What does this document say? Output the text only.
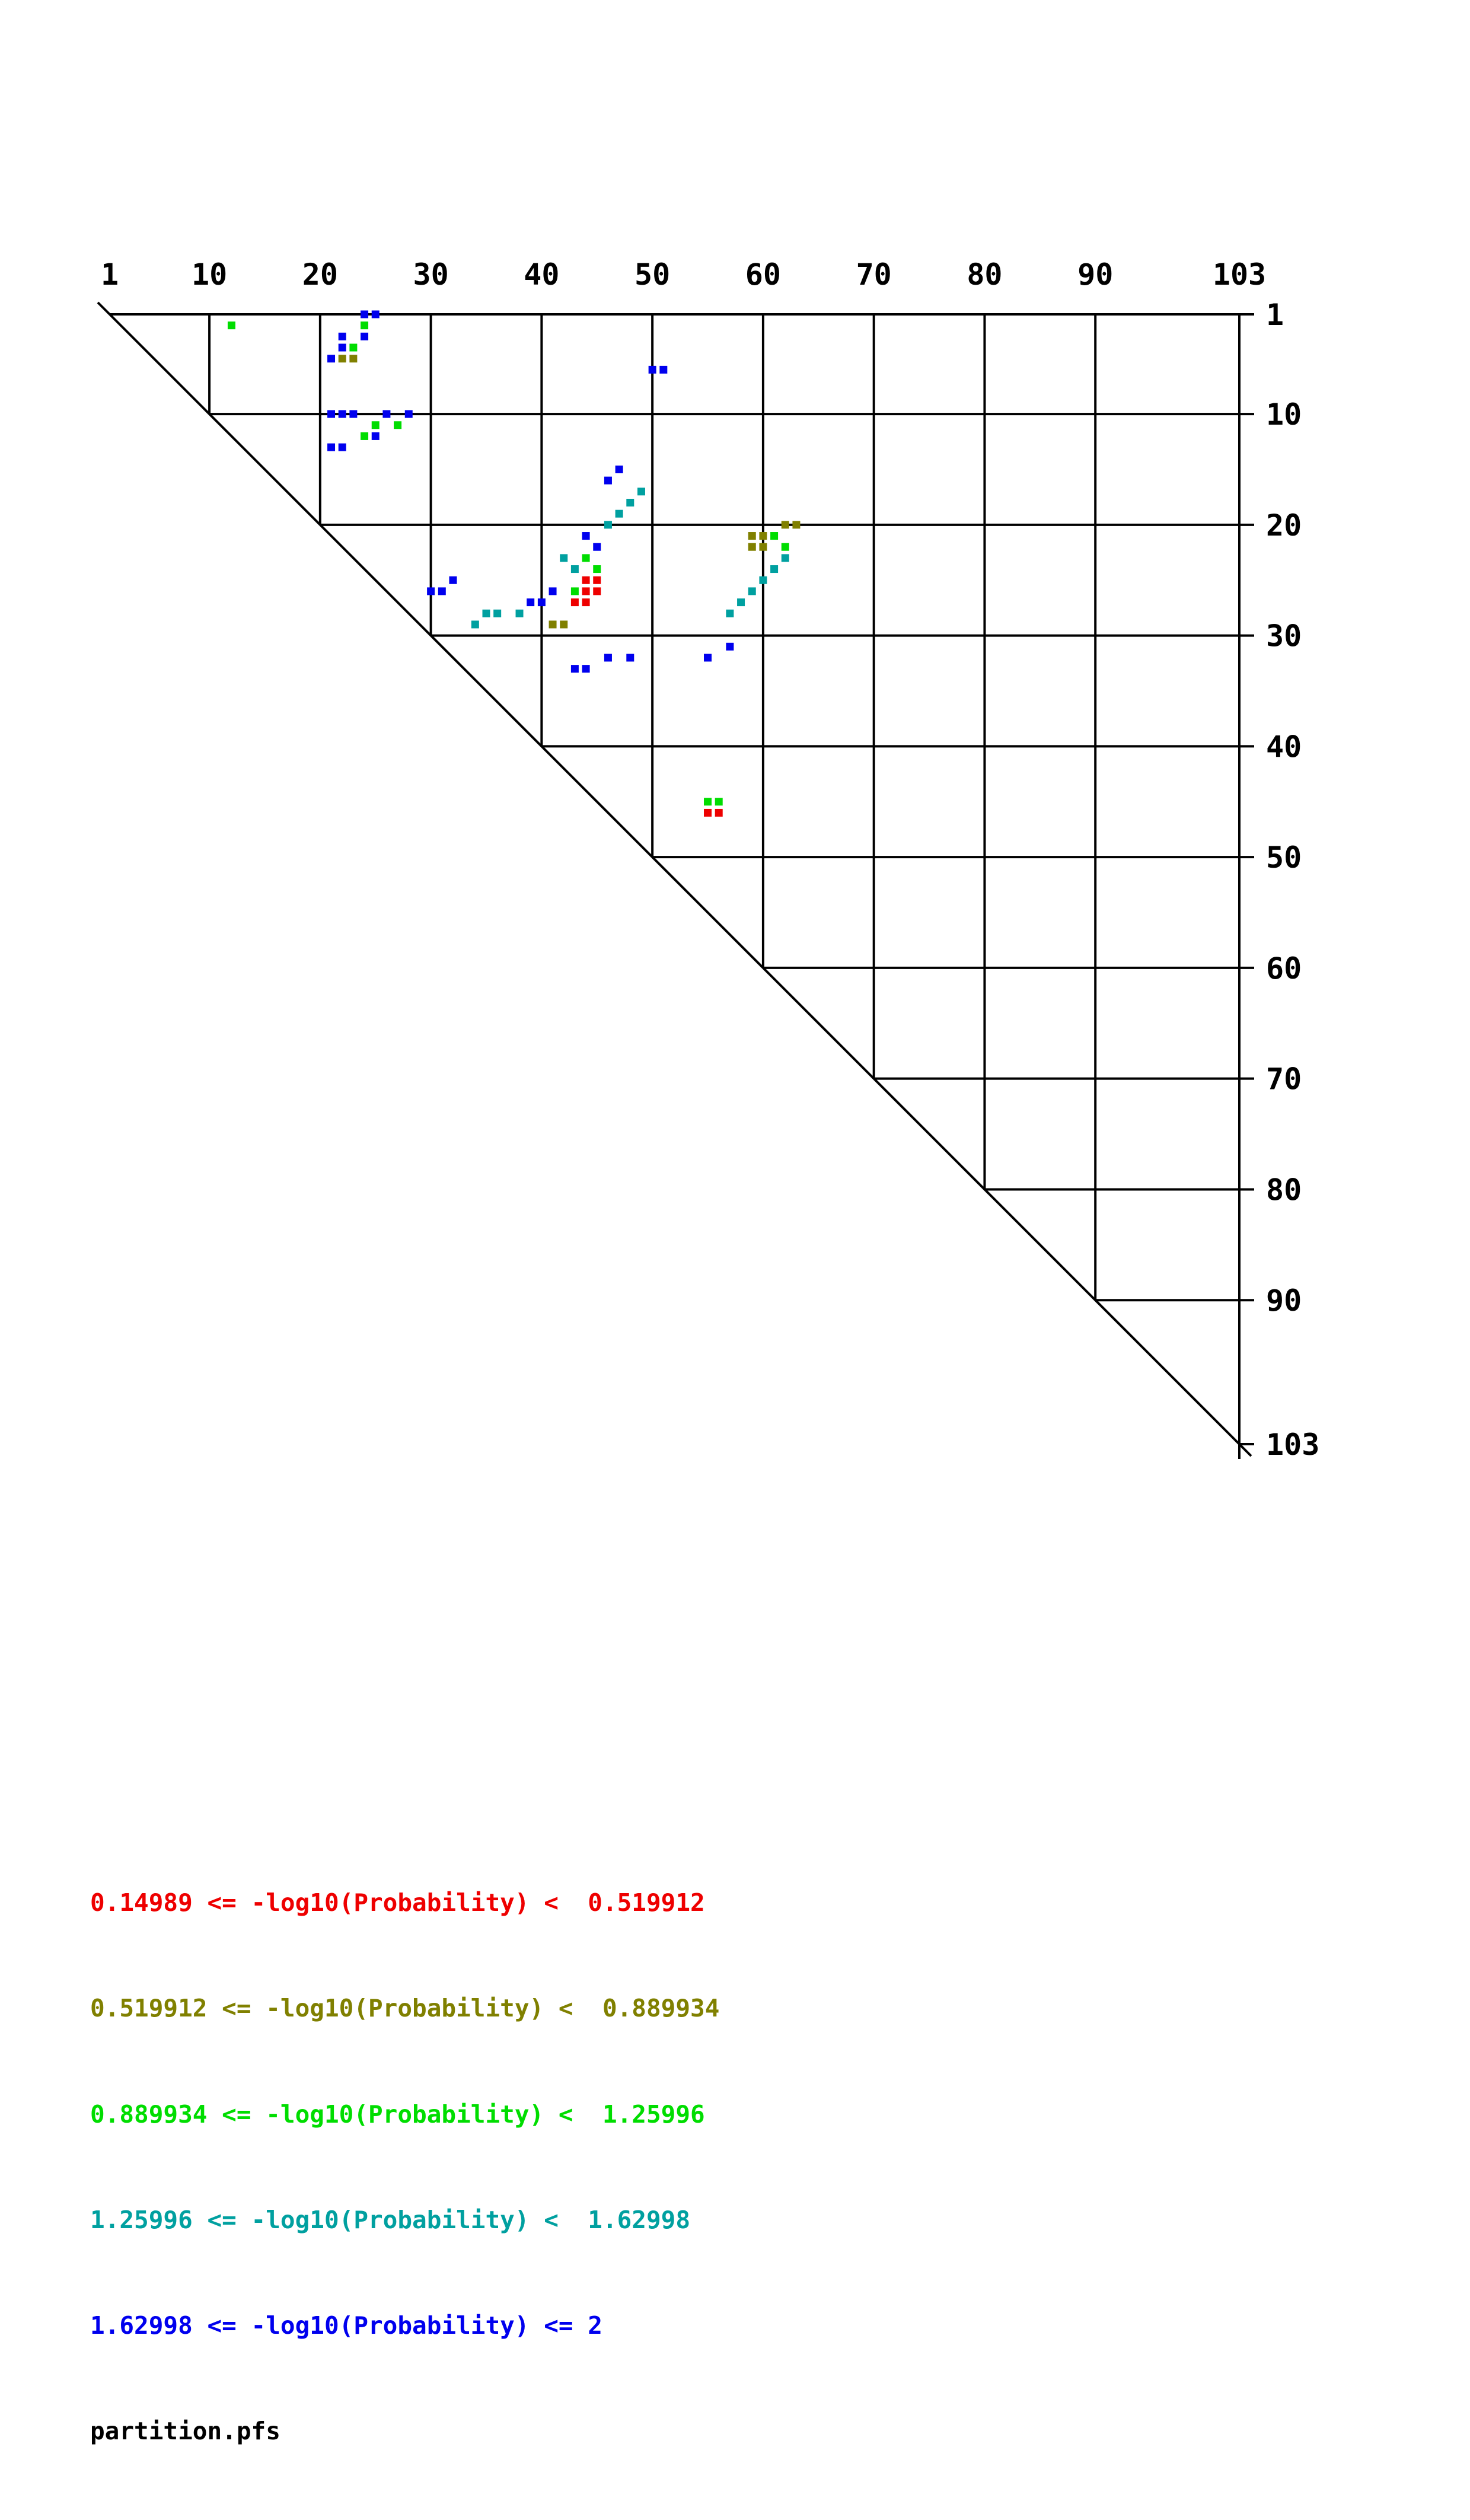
1 10	20	30	40	50	60	70	80	90	103
1
10
20
30
40
50
60
70
80
90
103

0.14989 <= -log10(Probability) <  0.519912

0.519912 <= -log10(Probability) <  0.889934

0.889934 <= -log10(Probability) <  1.25996

1.25996 <= -log10(Probability) <  1.62998

1.62998 <= -log10(Probability) <= 2

partition.pfs
